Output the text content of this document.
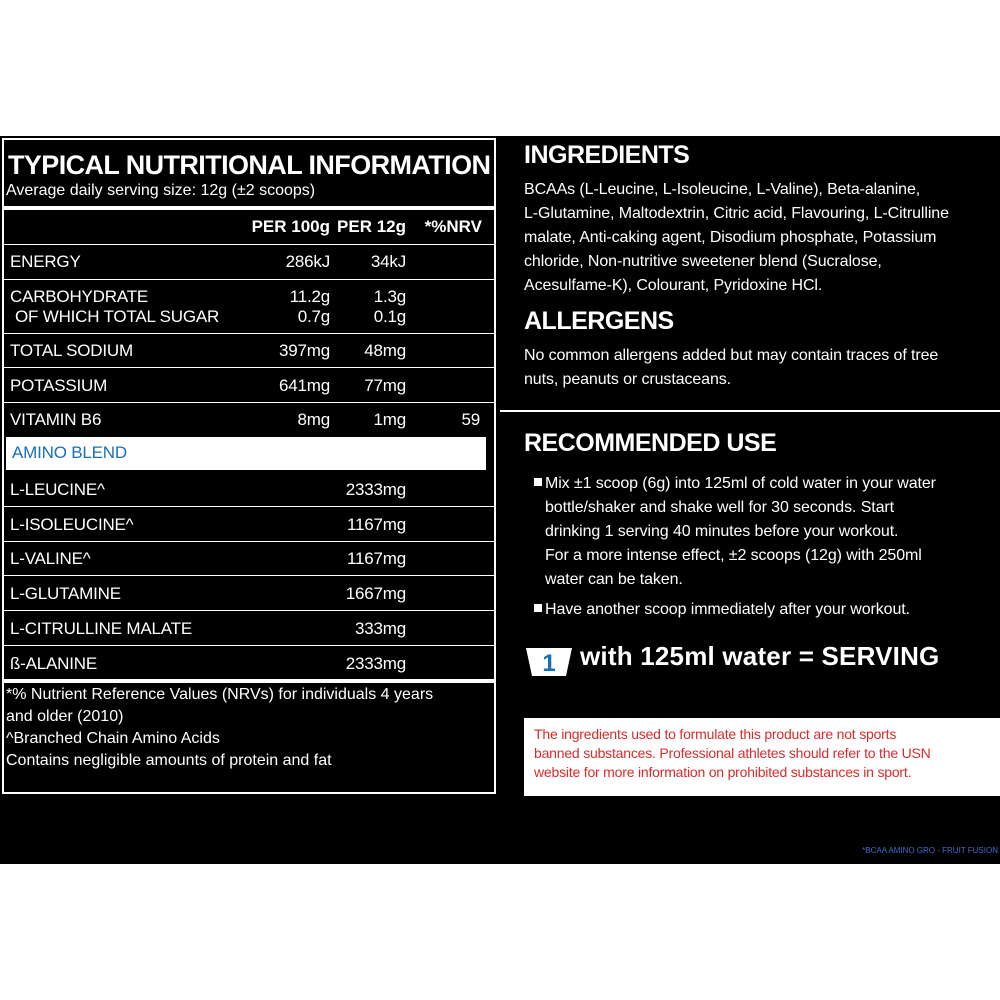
TYPICAL NUTRITIONAL INFORMATION
Average daily serving size: 12g (±2 scoops)
PER 100g PER 12g *%NRV
ENERGY	286kJ 34kJ
CARBOHYDRATE	11.2g	1.3g
OF WHICH TOTAL SUGAR	0.7g	0.1g
TOTAL SODIUM	397mg 48mg
POTASSIUM	641mg 77mg
VITAMIN B6	8mg	1mg	59
AMINO BLEND
L-LEUCINE^	2333mg
L-ISOLEUCINE^	1167mg
L-VALINE^	1167mg
L-GLUTAMINE	1667mg
L-CITRULLINE MALATE	333mg
ß-ALANINE	2333mg
*% Nutrient Reference Values (NRVs) for individuals 4 years
and older (2010)
^Branched Chain Amino Acids
Contains negligible amounts of protein and fat
INGREDIENTS
BCAAs (L-Leucine, L-Isoleucine, L-Valine), Beta-alanine,
L-Glutamine, Maltodextrin, Citric acid, Flavouring, L-Citrulline
malate, Anti-caking agent, Disodium phosphate, Potassium
chloride, Non-nutritive sweetener blend (Sucralose,
Acesulfame-K), Colourant, Pyridoxine HCl.
ALLERGENS
No common allergens added but may contain traces of tree
nuts, peanuts or crustaceans.
RECOMMENDED USE
Mix ±1 scoop (6g) into 125ml of cold water in your water
bottle/shaker and shake well for 30 seconds. Start
drinking 1 serving 40 minutes before your workout.
For a more intense effect, ±2 scoops (12g) with 250ml
water can be taken.
Have another scoop immediately after your workout.
1 with 125ml water = SERVING
The ingredients used to formulate this product are not sports
banned substances. Professional athletes should refer to the USN
website for more information on prohibited substances in sport.
*BCAA AMINO GRO - FRUIT FUSION
